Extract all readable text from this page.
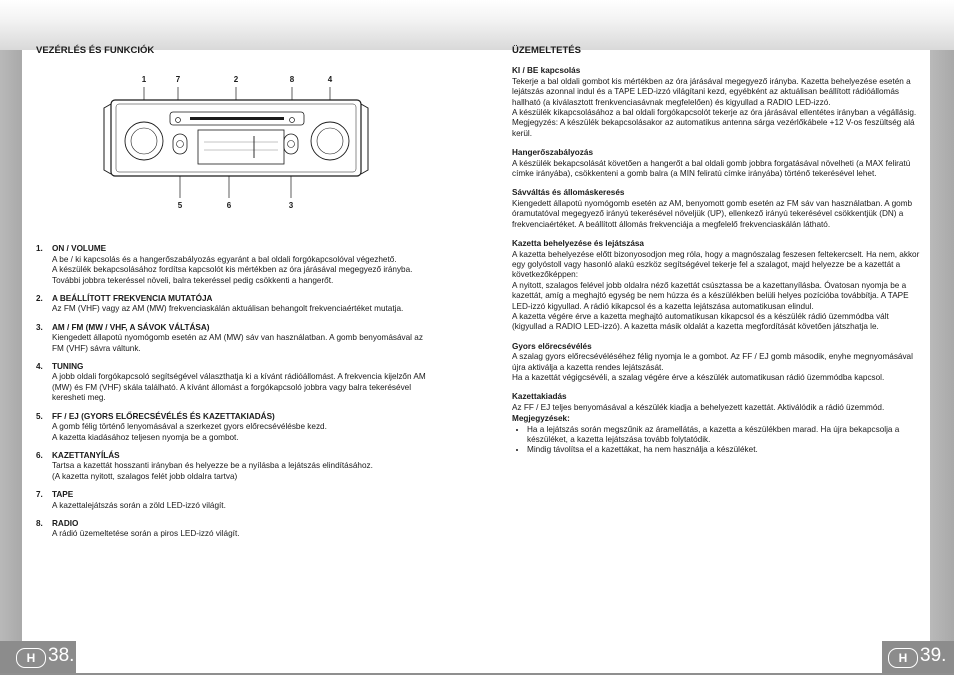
VEZÉRLÉS ÉS FUNKCIÓK
1. ON / VOLUME
A be / ki kapcsolás és a hangerőszabályozás egyaránt a bal oldali forgókapcsolóval végezhető.
A készülék bekapcsolásához fordítsa kapcsolót kis mértékben az óra járásával megegyező irányba.
További jobbra tekeréssel növeli, balra tekeréssel pedig csökkenti a hangerőt.
2. A BEÁLLÍTOTT FREKVENCIA MUTATÓJA
Az FM (VHF) vagy az AM (MW) frekvenciaskálán aktuálisan behangolt frekvenciaértéket mutatja.
3. AM / FM (MW / VHF, A SÁVOK VÁLTÁSA)
Kiengedett állapotú nyomógomb esetén az AM (MW) sáv van használatban. A gomb benyomásával az FM (VHF) sávra váltunk.
4. TUNING
A jobb oldali forgókapcsoló segítségével választhatja ki a kívánt rádióállomást. A frekvencia kijelzőn AM (MW) és FM (VHF) skála található. A kívánt állomást a forgókapcsoló jobbra vagy balra tekerésével keresheti meg.
5. FF / EJ (GYORS ELŐRECSÉVÉLÉS ÉS KAZETTAKIADÁS)
A gomb félig történő lenyomásával a szerkezet gyors előrecsévélésbe kezd.
A kazetta kiadásához teljesen nyomja be a gombot.
6. KAZETTANYÍLÁS
Tartsa a kazettát hosszanti irányban és helyezze be a nyílásba a lejátszás elindításához.
(A kazetta nyitott, szalagos felét jobb oldalra tartva)
7. TAPE
A kazettalejátszás során a zöld LED-izzó világít.
8. RADIO
A rádió üzemeltetése során a piros LED-izzó világít.
1	7	2	8	4
5	6	3
ÜZEMELTETÉS
KI / BE kapcsolás
Tekerje a bal oldali gombot kis mértékben az óra járásával megegyező irányba. Kazetta behelyezése esetén a lejátszás azonnal indul és a TAPE LED-izzó világítani kezd, egyébként az aktuálisan beállított rádióállomás hallható (a kiválasztott frenkvenciasávnak megfelelően) és kigyullad a RADIO LED-izzó.
A készülék kikapcsolásához a bal oldali forgókapcsolót tekerje az óra járásával ellentétes irányban a végállásig.
Megjegyzés: A készülék bekapcsolásakor az automatikus antenna sárga vezérlőkábele +12 V-os feszültség alá kerül.
Hangerőszabályozás
A készülék bekapcsolását követően a hangerőt a bal oldali gomb jobbra forgatásával növelheti (a MAX feliratú címke irányába), csökkenteni a gomb balra (a MIN feliratú címke irányába) történő tekerésével lehet.
Sávváltás és állomáskeresés
Kiengedett állapotú nyomógomb esetén az AM, benyomott gomb esetén az FM sáv van használatban. A gomb óramutatóval megegyező irányú tekerésével növeljük (UP), ellenkező irányú tekerésével csökkentjük (DN) a frekvenciaértéket. A beállított állomás frekvenciája a megfelelő frekvenciaskálán látható.
Kazetta behelyezése és lejátszása
A kazetta behelyezése előtt bizonyosodjon meg róla, hogy a magnószalag feszesen feltekercselt. Ha nem, akkor egy golyóstoll vagy hasonló alakú eszköz segítségével tekerje fel a szalagot, majd helyezze be a kazettát a következőképpen:
A nyitott, szalagos felével jobb oldalra néző kazettát csúsztassa be a kazettanyílásba. Óvatosan nyomja be a kazettát, amíg a meghajtó egység be nem húzza és a készülékben belüli helyes pozícióba továbbítja. A TAPE LED-izzó kigyullad. A rádió kikapcsol és a kazetta lejátszása automatikusan elindul.
A kazetta végére érve a kazetta meghajtó automatikusan kikapcsol és a készülék rádió üzemmódba vált (kigyullad a RADIO LED-izzó). A kazetta másik oldalát a kazetta megfordítását követően játszhatja le.
Gyors előrecsévélés
A szalag gyors előrecsévéléséhez félig nyomja le a gombot. Az FF / EJ gomb második, enyhe megnyomásával újra aktiválja a kazetta rendes lejátszását.
Ha a kazettát végigcsévéli, a szalag végére érve a készülék automatikusan rádió üzemmódba kapcsol.
Kazettakiadás
Az FF / EJ teljes benyomásával a készülék kiadja a behelyezett kazettát. Aktiválódik a rádió üzemmód.
Megjegyzések:
• Ha a lejátszás során megszűnik az áramellátás, a kazetta a készülékben marad. Ha újra bekapcsolja a készüléket, a kazetta lejátszása tovább folytatódik.
• Mindig távolítsa el a kazettákat, ha nem használja a készüléket.
H 38.	H 39.
